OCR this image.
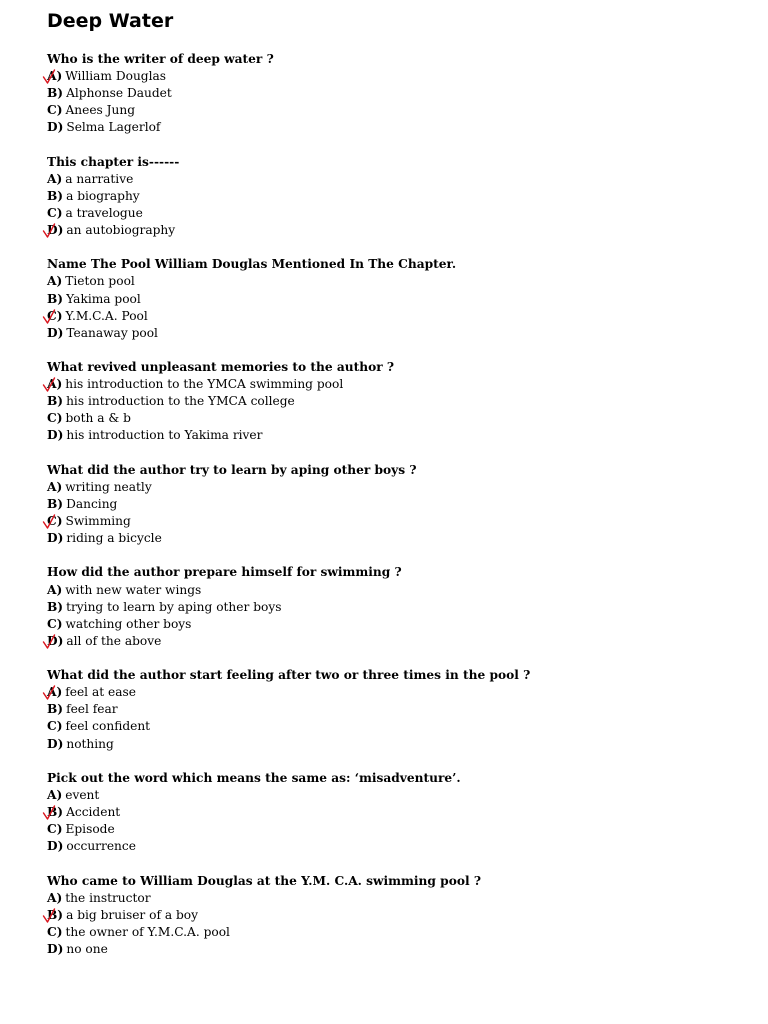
Deep Water
Who is the writer of deep water ?
A) William Douglas
B) Alphonse Daudet
C) Anees Jung
D) Selma Lagerlof
This chapter is------
A) a narrative
B) a biography
C) a travelogue
D) an autobiography
Name The Pool William Douglas Mentioned In The Chapter.
A) Tieton pool
B) Yakima pool
C) Y.M.C.A. Pool
D) Teanaway pool
What revived unpleasant memories to the author ?
A) his introduction to the YMCA swimming pool
B) his introduction to the YMCA college
C) both a & b
D) his introduction to Yakima river
What did the author try to learn by aping other boys ?
A) writing neatly
B) Dancing
C) Swimming
D) riding a bicycle
How did the author prepare himself for swimming ?
A) with new water wings
B) trying to learn by aping other boys
C) watching other boys
D) all of the above
What did the author start feeling after two or three times in the pool ?
A) feel at ease
B) feel fear
C) feel confident
D) nothing
Pick out the word which means the same as: ‘misadventure’.
A) event
B) Accident
C) Episode
D) occurrence
Who came to William Douglas at the Y.M. C.A. swimming pool ?
A) the instructor
B) a big bruiser of a boy
C) the owner of Y.M.C.A. pool
D) no one
